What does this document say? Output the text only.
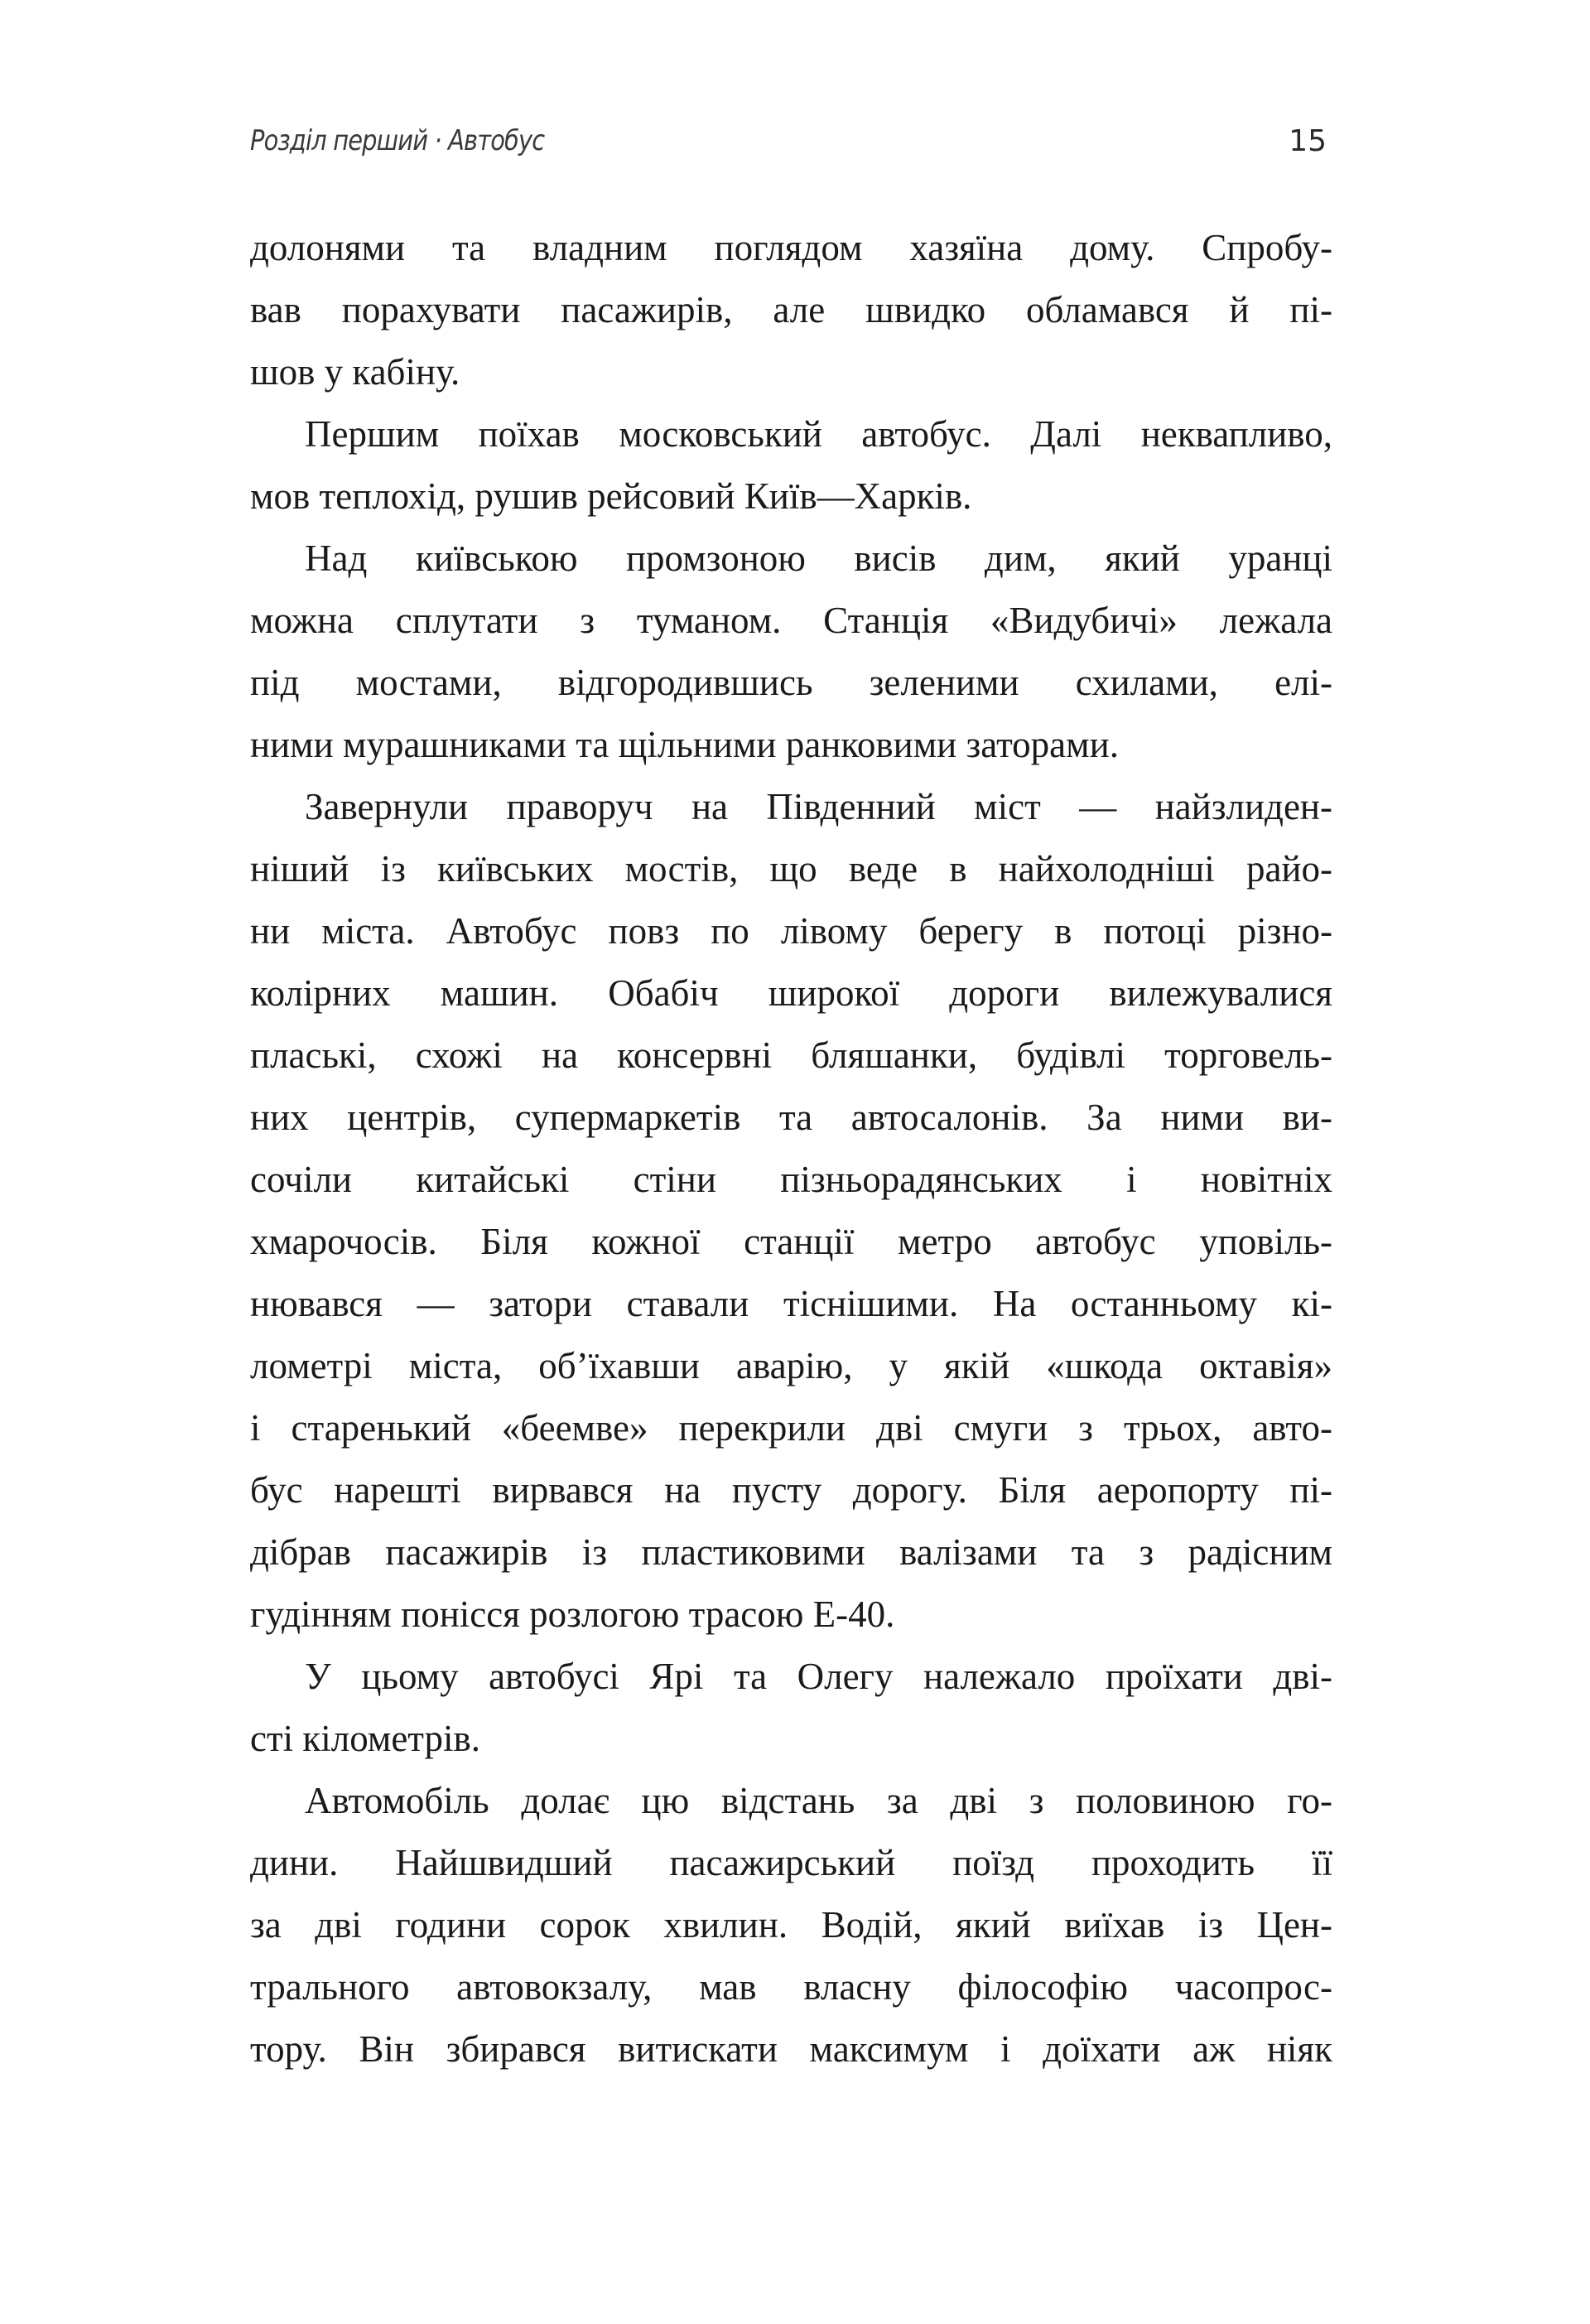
Розділ перший · Автобус	15
долонями та владним поглядом хазяїна дому. Спробу-
вав порахувати пасажирів, але швидко обламався й пі-
шов у кабіну.
Першим поїхав московський автобус. Далі неквапливо,
мов теплохід, рушив рейсовий Київ—Харків.
Над київською промзоною висів дим, який уранці
можна сплутати з туманом. Станція «Видубичі» лежала
під мостами, відгородившись зеленими схилами, елі-
ними мурашниками та щільними ранковими заторами.
Завернули праворуч на Південний міст — найзлиден-
ніший із київських мостів, що веде в найхолодніші райо-
ни міста. Автобус повз по лівому берегу в потоці різно-
колірних машин. Обабіч широкої дороги вилежувалися
плаські, схожі на консервні бляшанки, будівлі торговель-
них центрів, супермаркетів та автосалонів. За ними ви-
сочіли китайські стіни пізньорадянських і новітніх
хмарочосів. Біля кожної станції метро автобус уповіль-
нювався — затори ставали тіснішими. На останньому кі-
лометрі міста, об’їхавши аварію, у якій «шкода октавія»
і старенький «беемве» перекрили дві смуги з трьох, авто-
бус нарешті вирвався на пусту дорогу. Біля аеропорту пі-
дібрав пасажирів із пластиковими валізами та з радісним
гудінням понісся розлогою трасою Е-40.
У цьому автобусі Ярі та Олегу належало проїхати дві-
сті кілометрів.
Автомобіль долає цю відстань за дві з половиною го-
дини. Найшвидший пасажирський поїзд проходить її
за дві години сорок хвилин. Водій, який виїхав із Цен-
трального автовокзалу, мав власну філософію часопрос-
тору. Він збирався витискати максимум і доїхати аж ніяк
